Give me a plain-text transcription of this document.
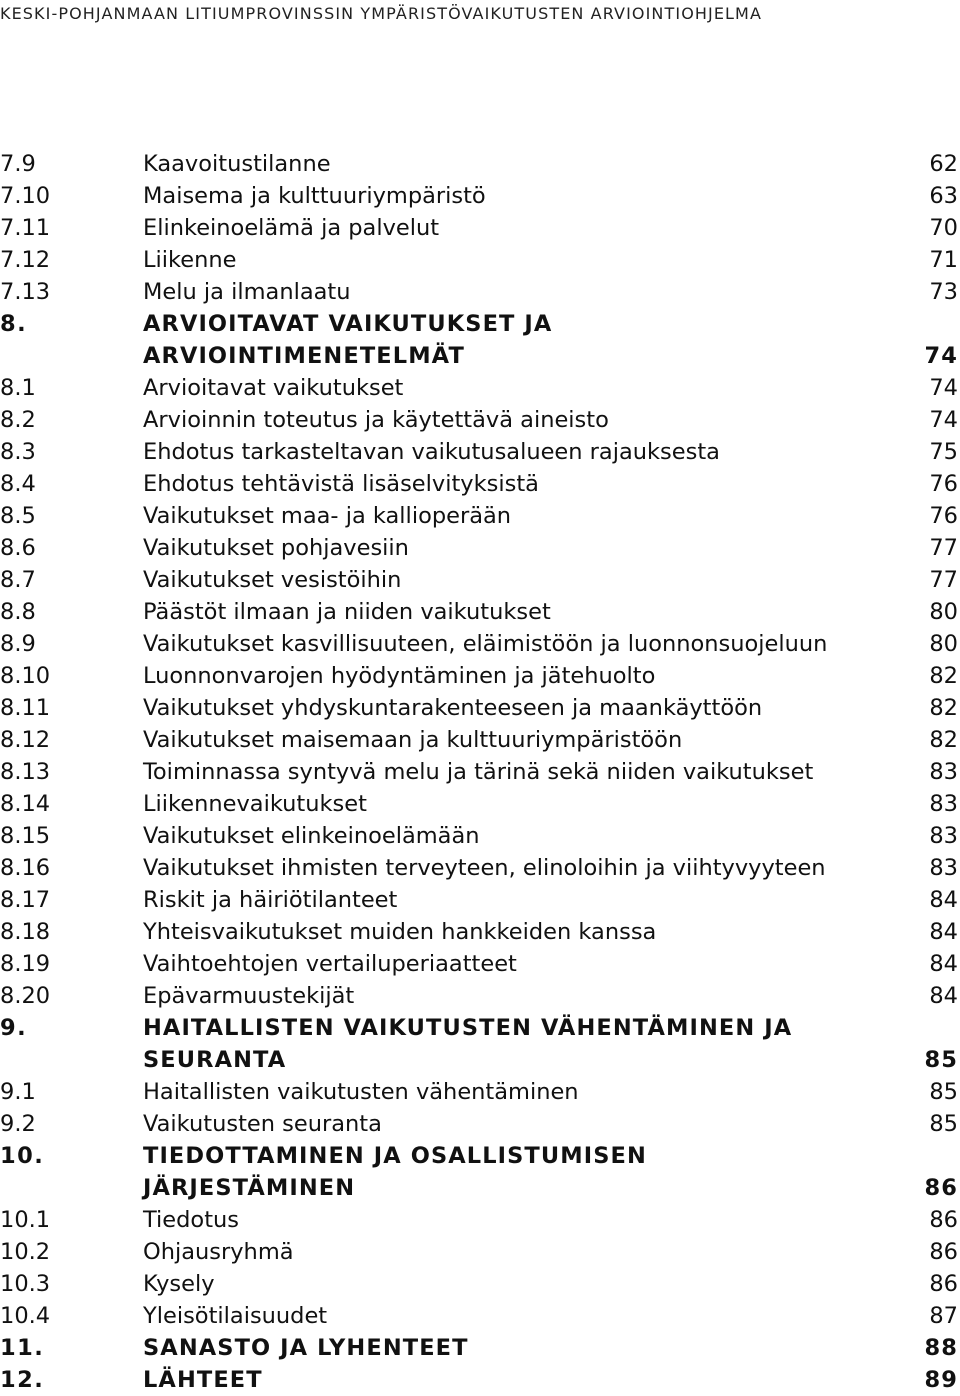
KESKI-POHJANMAAN LITIUMPROVINSSIN YMPÄRISTÖVAIKUTUSTEN ARVIOINTIOHJELMA
7.9	Kaavoitustilanne	62
7.10	Maisema ja kulttuuriympäristö	63
7.11	Elinkeinoelämä ja palvelut	70
7.12	Liikenne	71
7.13	Melu ja ilmanlaatu	73
8.	ARVIOITAVAT VAIKUTUKSET JA
ARVIOINTIMENETELMÄT	74
8.1	Arvioitavat vaikutukset	74
8.2	Arvioinnin toteutus ja käytettävä aineisto	74
8.3	Ehdotus tarkasteltavan vaikutusalueen rajauksesta	75
8.4	Ehdotus tehtävistä lisäselvityksistä	76
8.5	Vaikutukset maa- ja kallioperään	76
8.6	Vaikutukset pohjavesiin	77
8.7	Vaikutukset vesistöihin	77
8.8	Päästöt ilmaan ja niiden vaikutukset	80
8.9	Vaikutukset kasvillisuuteen, eläimistöön ja luonnonsuojeluun	80
8.10	Luonnonvarojen hyödyntäminen ja jätehuolto	82
8.11	Vaikutukset yhdyskuntarakenteeseen ja maankäyttöön	82
8.12	Vaikutukset maisemaan ja kulttuuriympäristöön	82
8.13	Toiminnassa syntyvä melu ja tärinä sekä niiden vaikutukset	83
8.14	Liikennevaikutukset	83
8.15	Vaikutukset elinkeinoelämään	83
8.16	Vaikutukset ihmisten terveyteen, elinoloihin ja viihtyvyyteen	83
8.17	Riskit ja häiriötilanteet	84
8.18	Yhteisvaikutukset muiden hankkeiden kanssa	84
8.19	Vaihtoehtojen vertailuperiaatteet	84
8.20	Epävarmuustekijät	84
9.	HAITALLISTEN VAIKUTUSTEN VÄHENTÄMINEN JA
SEURANTA	85
9.1	Haitallisten vaikutusten vähentäminen	85
9.2	Vaikutusten seuranta	85
10.	TIEDOTTAMINEN JA OSALLISTUMISEN
JÄRJESTÄMINEN	86
10.1	Tiedotus	86
10.2	Ohjausryhmä	86
10.3	Kysely	86
10.4	Yleisötilaisuudet	87
11.	SANASTO JA LYHENTEET	88
12.	LÄHTEET	89
